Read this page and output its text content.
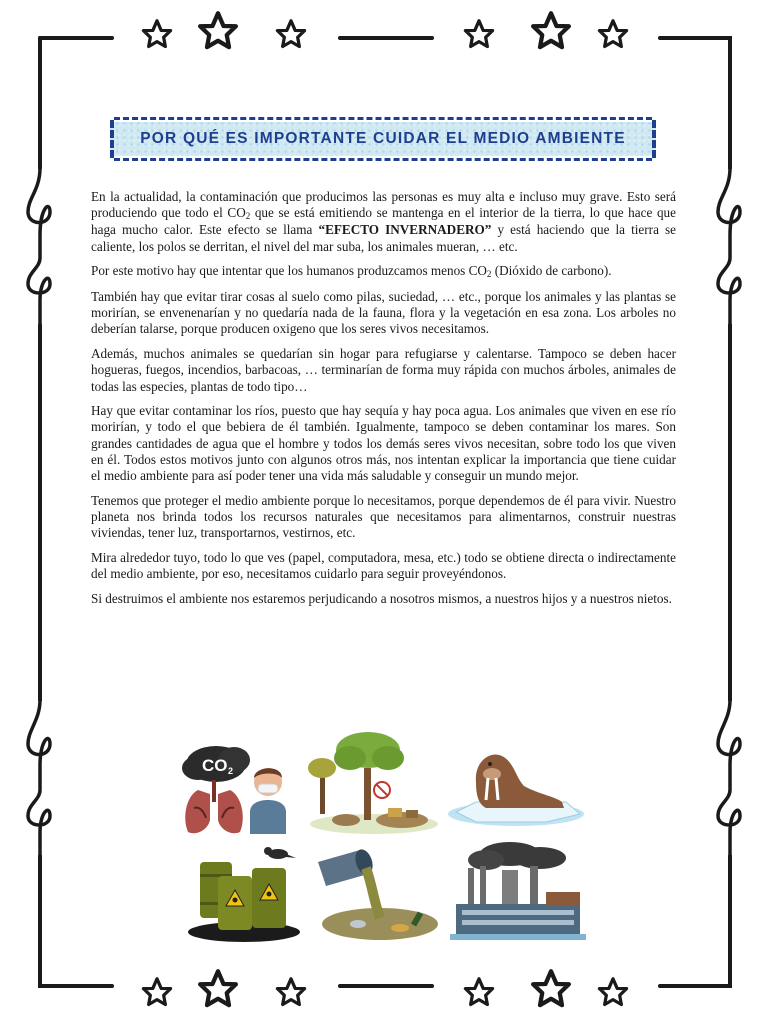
POR QUÉ ES IMPORTANTE CUIDAR EL MEDIO AMBIENTE

En la actualidad, la contaminación que producimos las personas es muy alta e incluso muy grave. Esto será produciendo que todo el $CO_2$ que se está emitiendo se mantenga en el interior de la tierra, lo que hace que haga mucho calor. Este efecto se llama “EFECTO INVERNADERO” y está haciendo que la tierra se caliente, los polos se derritan, el nivel del mar suba, los animales mueran, … etc.

Por este motivo hay que intentar que los humanos produzcamos menos $CO_2$ (Dióxido de carbono).

También hay que evitar tirar cosas al suelo como pilas, suciedad, … etc., porque los animales y las plantas se morirían, se envenenarían y no quedaría nada de la fauna, flora y la vegetación en esa zona. Los arboles no deberían talarse, porque producen oxigeno que los seres vivos necesitamos.

Además, muchos animales se quedarían sin hogar para refugiarse y calentarse. Tampoco se deben hacer hogueras, fuegos, incendios, barbacoas, … terminarían de forma muy rápida con muchos árboles, animales de todas las especies, plantas de todo tipo…

Hay que evitar contaminar los ríos, puesto que hay sequía y hay poca agua. Los animales que viven en ese río morirían, y todo el que bebiera de él también. Igualmente, tampoco se deben contaminar los mares. Son grandes cantidades de agua que el hombre y todos los demás seres vivos necesitan, sobre todo los que viven en él. Todos estos motivos junto con algunos otros más, nos intentan explicar la importancia que tiene cuidar el medio ambiente para así poder tener una vida más saludable y conseguir un mundo mejor.

Tenemos que proteger el medio ambiente porque lo necesitamos, porque dependemos de él para vivir. Nuestro planeta nos brinda todos los recursos naturales que necesitamos para alimentarnos, construir nuestras viviendas, tener luz, transportarnos, vestirnos, etc.

Mira alrededor tuyo, todo lo que ves (papel, computadora, mesa, etc.) todo se obtiene directa o indirectamente del medio ambiente, por eso, necesitamos cuidarlo para seguir proveyéndonos.

Si destruimos el ambiente nos estaremos perjudicando a nosotros mismos, a nuestros hijos y a nuestros nietos.

CO 2
